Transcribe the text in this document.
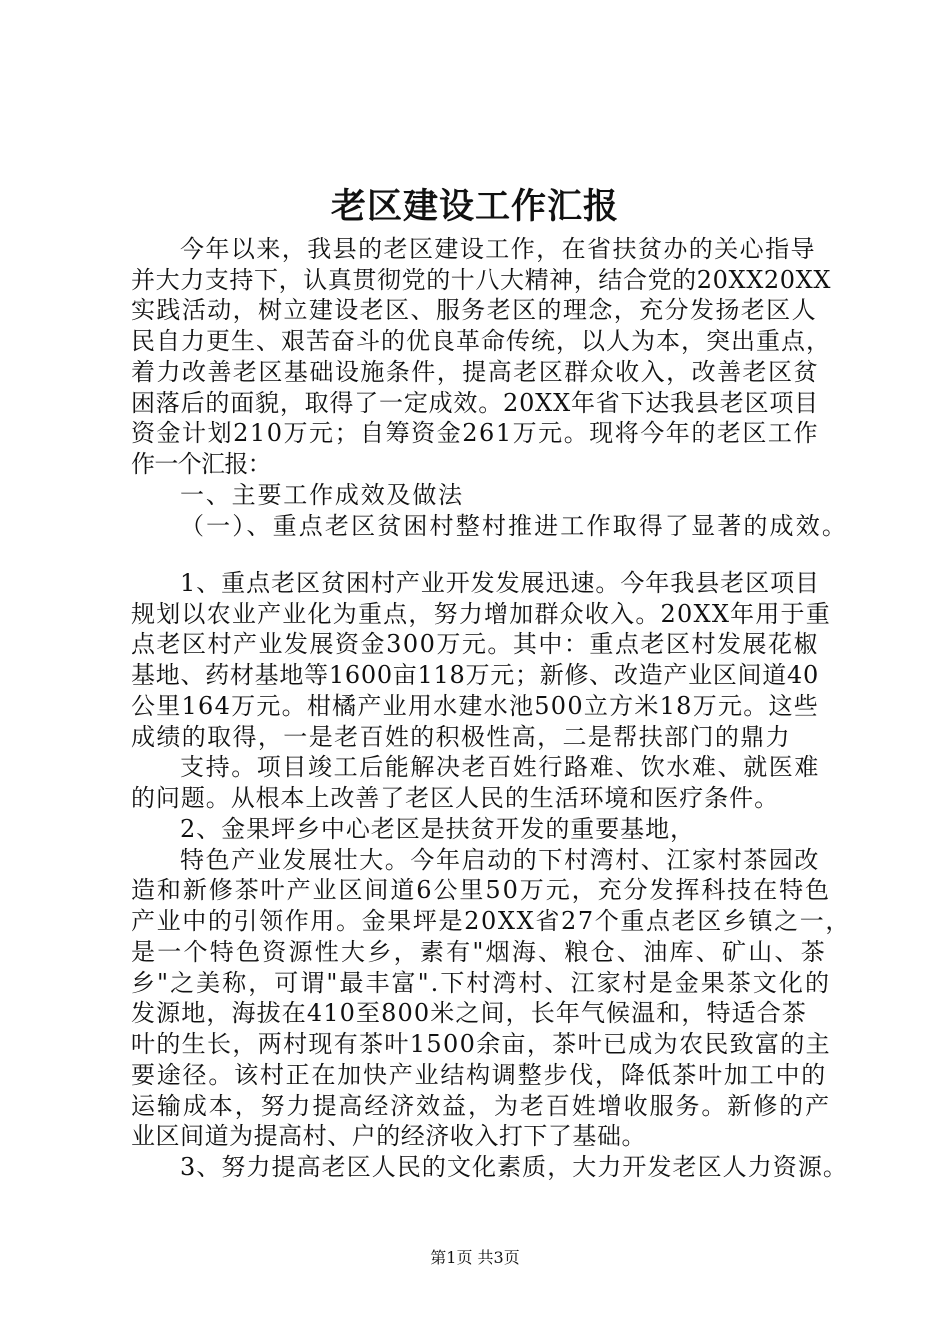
老区建设工作汇报
今年以来，我县的老区建设工作，在省扶贫办的关心指导
并大力支持下，认真贯彻党的十八大精神，结合党的20XX20XX
实践活动，树立建设老区、服务老区的理念，充分发扬老区人
民自力更生、艰苦奋斗的优良革命传统，以人为本，突出重点，
着力改善老区基础设施条件，提高老区群众收入，改善老区贫
困落后的面貌，取得了一定成效。20XX年省下达我县老区项目
资金计划210万元；自筹资金261万元。现将今年的老区工作
作一个汇报：
一、主要工作成效及做法
（一）、重点老区贫困村整村推进工作取得了显著的成效。
1、重点老区贫困村产业开发发展迅速。今年我县老区项目
规划以农业产业化为重点，努力增加群众收入。20XX年用于重
点老区村产业发展资金300万元。其中：重点老区村发展花椒
基地、药材基地等1600亩118万元；新修、改造产业区间道40
公里164万元。柑橘产业用水建水池500立方米18万元。这些
成绩的取得，一是老百姓的积极性高，二是帮扶部门的鼎力
支持。项目竣工后能解决老百姓行路难、饮水难、就医难
的问题。从根本上改善了老区人民的生活环境和医疗条件。
2、金果坪乡中心老区是扶贫开发的重要基地，
特色产业发展壮大。今年启动的下村湾村、江家村茶园改
造和新修茶叶产业区间道6公里50万元，充分发挥科技在特色
产业中的引领作用。金果坪是20XX省27个重点老区乡镇之一，
是一个特色资源性大乡，素有"烟海、粮仓、油库、矿山、茶
乡"之美称，可谓"最丰富".下村湾村、江家村是金果茶文化的
发源地，海拔在410至800米之间，长年气候温和，特适合茶
叶的生长，两村现有茶叶1500余亩，茶叶已成为农民致富的主
要途径。该村正在加快产业结构调整步伐，降低茶叶加工中的
运输成本，努力提高经济效益，为老百姓增收服务。新修的产
业区间道为提高村、户的经济收入打下了基础。
3、努力提高老区人民的文化素质，大力开发老区人力资源。
第1页 共3页
